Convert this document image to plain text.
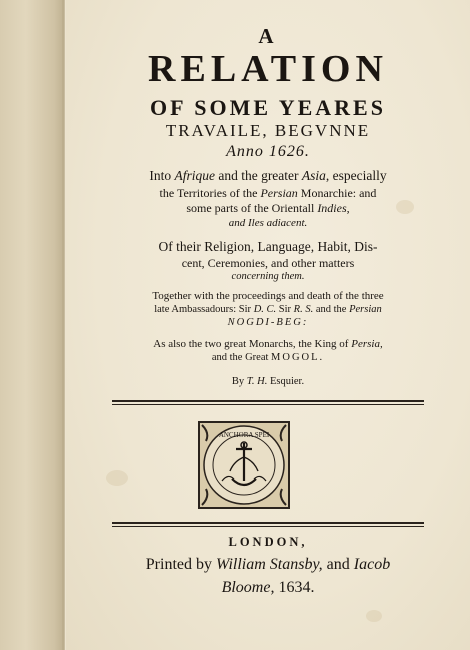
A
RELATION
OF SOME YEARES
TRAVAILE, BEGVNNE
Anno 1626.
Into Afrique and the greater Asia, especially
the Territories of the Persian Monarchie: and
some parts of the Orientall Indies,
and Iles adiacent.
Of their Religion, Language, Habit, Dis-
cent, Ceremonies, and other matters
concerning them.
Together with the proceedings and death of the three
late Ambassadours: Sir D. C. Sir R. S. and the Persian
NOGDI-BEG:
As also the two great Monarchs, the King of Persia,
and the Great MOGOL.
By T. H. Esquier.
ANCHORA SPEI
LONDON,
Printed by William Stansby, and Iacob
Bloome, 1634.
